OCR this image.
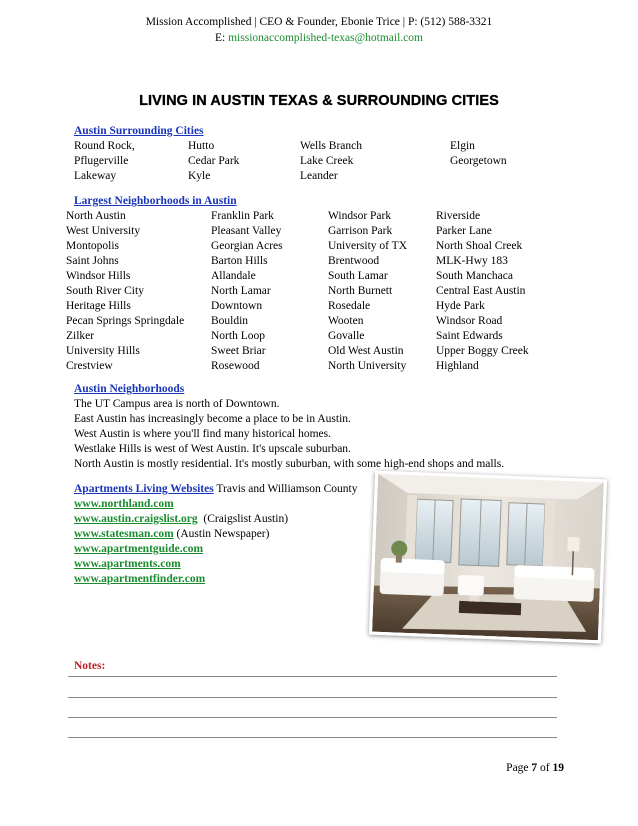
Mission Accomplished | CEO & Founder, Ebonie Trice | P: (512) 588-3321
E: missionaccomplished-texas@hotmail.com
LIVING IN AUSTIN TEXAS & SURROUNDING CITIES
Austin Surrounding Cities
Round Rock,	Hutto	Wells Branch	Elgin
Pflugerville	Cedar Park	Lake Creek	Georgetown
Lakeway	Kyle	Leander
Largest Neighborhoods in Austin
North Austin	Franklin Park	Windsor Park	Riverside
West University	Pleasant Valley	Garrison Park	Parker Lane
Montopolis	Georgian Acres	University of TX	North Shoal Creek
Saint Johns	Barton Hills	Brentwood	MLK-Hwy 183
Windsor Hills	Allandale	South Lamar	South Manchaca
South River City	North Lamar	North Burnett	Central East Austin
Heritage Hills	Downtown	Rosedale	Hyde Park
Pecan Springs Springdale	Bouldin	Wooten	Windsor Road
Zilker	North Loop	Govalle	Saint Edwards
University Hills	Sweet Briar	Old West Austin	Upper Boggy Creek
Crestview	Rosewood	North University	Highland
Austin Neighborhoods
The UT Campus area is north of Downtown.
East Austin has increasingly become a place to be in Austin.
West Austin is where you'll find many historical homes.
Westlake Hills is west of West Austin. It's upscale suburban.
North Austin is mostly residential. It's mostly suburban, with some high-end shops and malls.
Apartments Living Websites Travis and Williamson County
www.northland.com
www.austin.craigslist.org (Craigslist Austin)
www.statesman.com (Austin Newspaper)
www.apartmentguide.com
www.apartments.com
www.apartmentfinder.com
Notes:
Page 7 of 19
